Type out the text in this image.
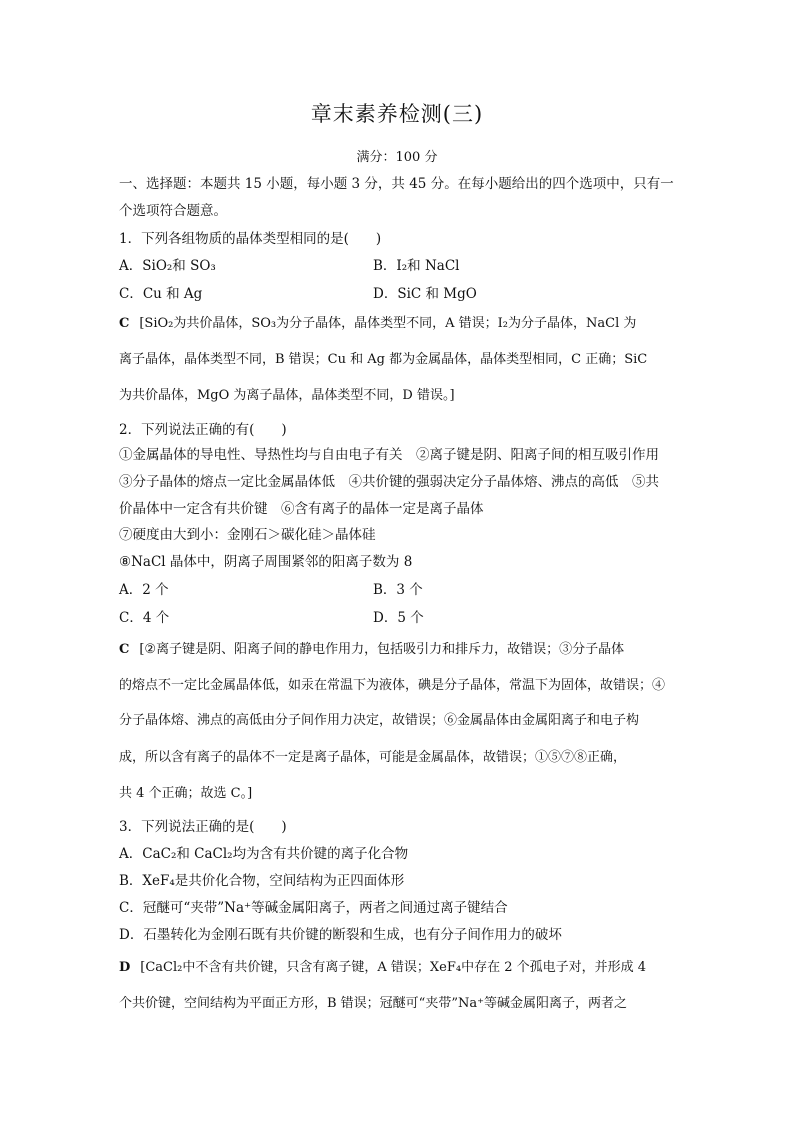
章末素养检测(三)
满分：100 分
一、选择题：本题共 15 小题，每小题 3 分，共 45 分。在每小题给出的四个选项中，只有一
个选项符合题意。
1．下列各组物质的晶体类型相同的是(　　)
A．SiO₂和 SO₃	B．I₂和 NaCl
C．Cu 和 Ag	D．SiC 和 MgO
C [SiO₂为共价晶体，SO₃为分子晶体，晶体类型不同，A 错误；I₂为分子晶体，NaCl 为
离子晶体，晶体类型不同，B 错误；Cu 和 Ag 都为金属晶体，晶体类型相同，C 正确；SiC
为共价晶体，MgO 为离子晶体，晶体类型不同，D 错误。]
2．下列说法正确的有(　　)
①金属晶体的导电性、导热性均与自由电子有关　②离子键是阴、阳离子间的相互吸引作用
③分子晶体的熔点一定比金属晶体低　④共价键的强弱决定分子晶体熔、沸点的高低　⑤共
价晶体中一定含有共价键　⑥含有离子的晶体一定是离子晶体
⑦硬度由大到小：金刚石＞碳化硅＞晶体硅
⑧NaCl 晶体中，阴离子周围紧邻的阳离子数为 8
A．2 个	B．3 个
C．4 个	D．5 个
C [②离子键是阴、阳离子间的静电作用力，包括吸引力和排斥力，故错误；③分子晶体
的熔点不一定比金属晶体低，如汞在常温下为液体，碘是分子晶体，常温下为固体，故错误；④
分子晶体熔、沸点的高低由分子间作用力决定，故错误；⑥金属晶体由金属阳离子和电子构
成，所以含有离子的晶体不一定是离子晶体，可能是金属晶体，故错误；①⑤⑦⑧正确，
共 4 个正确；故选 C。]
3．下列说法正确的是(　　)
A．CaC₂和 CaCl₂均为含有共价键的离子化合物
B．XeF₄是共价化合物，空间结构为正四面体形
C．冠醚可“夹带”Na⁺等碱金属阳离子，两者之间通过离子键结合
D．石墨转化为金刚石既有共价键的断裂和生成，也有分子间作用力的破坏
D [CaCl₂中不含有共价键，只含有离子键，A 错误；XeF₄中存在 2 个孤电子对，并形成 4
个共价键，空间结构为平面正方形，B 错误；冠醚可“夹带”Na⁺等碱金属阳离子，两者之
